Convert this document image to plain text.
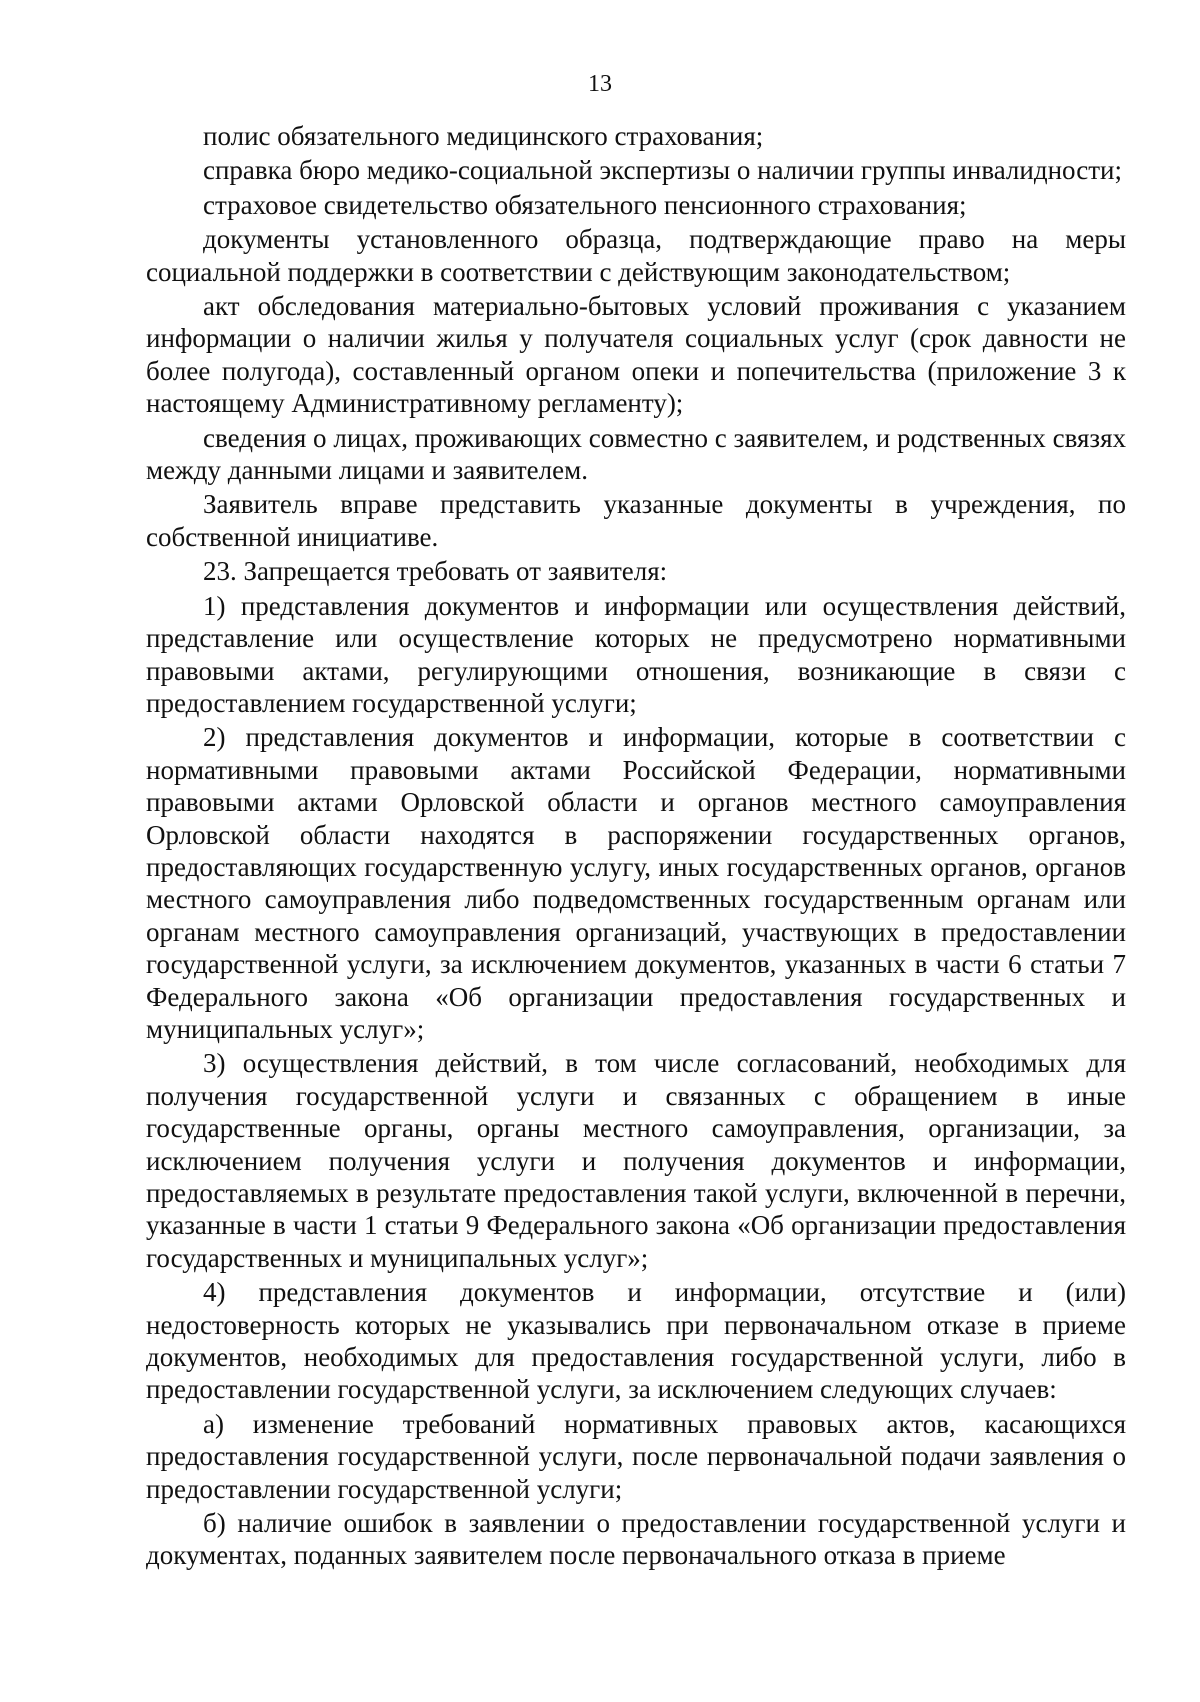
13

полис обязательного медицинского страхования;

справка бюро медико-социальной экспертизы о наличии группы инвалидности;

страховое свидетельство обязательного пенсионного страхования;

документы установленного образца, подтверждающие право на меры социальной поддержки в соответствии с действующим законодательством;

акт обследования материально-бытовых условий проживания с указанием информации о наличии жилья у получателя социальных услуг (срок давности не более полугода), составленный органом опеки и попечительства (приложение 3 к настоящему Административному регламенту);

сведения о лицах, проживающих совместно с заявителем, и родственных связях между данными лицами и заявителем.

Заявитель вправе представить указанные документы в учреждения, по собственной инициативе.

23. Запрещается требовать от заявителя:

1) представления документов и информации или осуществления действий, представление или осуществление которых не предусмотрено нормативными правовыми актами, регулирующими отношения, возникающие в связи с предоставлением государственной услуги;

2) представления документов и информации, которые в соответствии с нормативными правовыми актами Российской Федерации, нормативными правовыми актами Орловской области и органов местного самоуправления Орловской области находятся в распоряжении государственных органов, предоставляющих государственную услугу, иных государственных органов, органов местного самоуправления либо подведомственных государственным органам или органам местного самоуправления организаций, участвующих в предоставлении государственной услуги, за исключением документов, указанных в части 6 статьи 7 Федерального закона «Об организации предоставления государственных и муниципальных услуг»;

3) осуществления действий, в том числе согласований, необходимых для получения государственной услуги и связанных с обращением в иные государственные органы, органы местного самоуправления, организации, за исключением получения услуги и получения документов и информации, предоставляемых в результате предоставления такой услуги, включенной в перечни, указанные в части 1 статьи 9 Федерального закона «Об организации предоставления государственных и муниципальных услуг»;

4) представления документов и информации, отсутствие и (или) недостоверность которых не указывались при первоначальном отказе в приеме документов, необходимых для предоставления государственной услуги, либо в предоставлении государственной услуги, за исключением следующих случаев:

а) изменение требований нормативных правовых актов, касающихся предоставления государственной услуги, после первоначальной подачи заявления о предоставлении государственной услуги;

б) наличие ошибок в заявлении о предоставлении государственной услуги и документах, поданных заявителем после первоначального отказа в приеме
